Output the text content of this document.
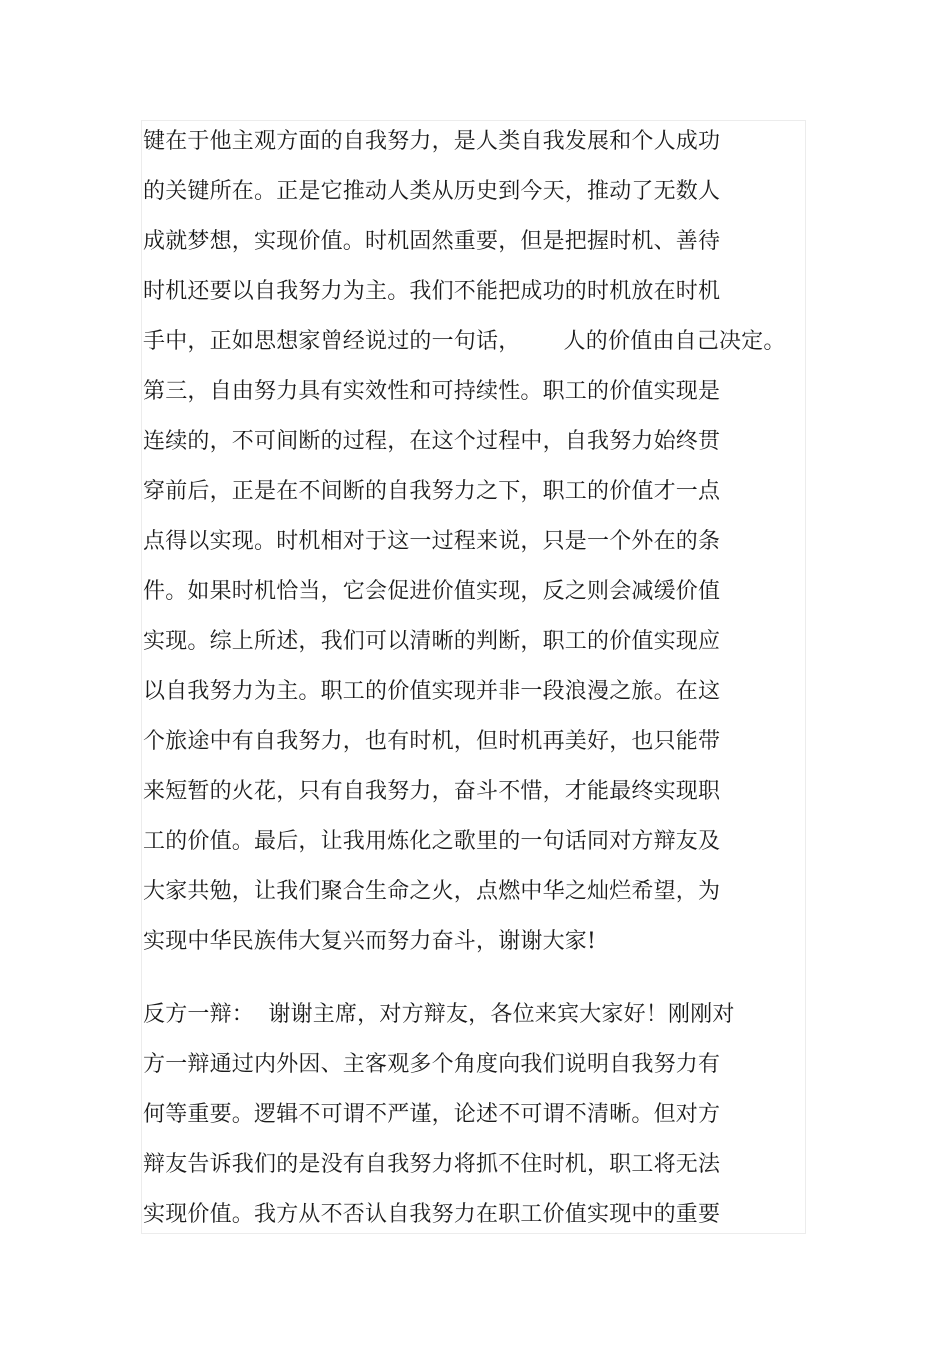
键在于他主观方面的自我努力，是人类自我发展和个人成功
的关键所在。正是它推动人类从历史到今天，推动了无数人
成就梦想，实现价值。时机固然重要，但是把握时机、善待
时机还要以自我努力为主。我们不能把成功的时机放在时机
手中，正如思想家曾经说过的一句话，      人的价值由自己决定。
第三，自由努力具有实效性和可持续性。职工的价值实现是
连续的，不可间断的过程，在这个过程中，自我努力始终贯
穿前后，正是在不间断的自我努力之下，职工的价值才一点
点得以实现。时机相对于这一过程来说，只是一个外在的条
件。如果时机恰当，它会促进价值实现，反之则会减缓价值
实现。综上所述，我们可以清晰的判断，职工的价值实现应
以自我努力为主。职工的价值实现并非一段浪漫之旅。在这
个旅途中有自我努力，也有时机，但时机再美好，也只能带
来短暂的火花，只有自我努力，奋斗不惜，才能最终实现职
工的价值。最后，让我用炼化之歌里的一句话同对方辩友及
大家共勉，让我们聚合生命之火，点燃中华之灿烂希望，为
实现中华民族伟大复兴而努力奋斗，谢谢大家!
反方一辩：  谢谢主席，对方辩友，各位来宾大家好！刚刚对
方一辩通过内外因、主客观多个角度向我们说明自我努力有
何等重要。逻辑不可谓不严谨，论述不可谓不清晰。但对方
辩友告诉我们的是没有自我努力将抓不住时机，职工将无法
实现价值。我方从不否认自我努力在职工价值实现中的重要
